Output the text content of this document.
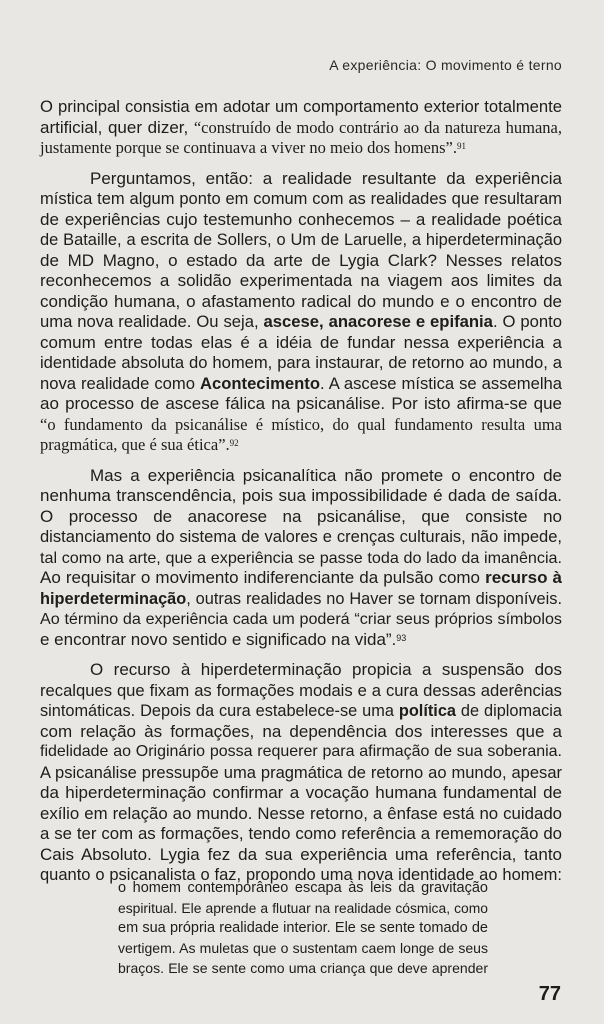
A experiência: O movimento é terno
O principal consistia em adotar um comportamento exterior totalmente
artificial, quer dizer, “construído de modo contrário ao da natureza humana,
justamente porque se continuava a viver no meio dos homens”.$^{91}$
Perguntamos, então: a realidade resultante da experiência
mística tem algum ponto em comum com as realidades que resultaram
de experiências cujo testemunho conhecemos – a realidade poética
de Bataille, a escrita de Sollers, o Um de Laruelle, a hiperdeterminação
de MD Magno, o estado da arte de Lygia Clark? Nesses relatos
reconhecemos a solidão experimentada na viagem aos limites da
condição humana, o afastamento radical do mundo e o encontro de
uma nova realidade. Ou seja, ascese, anacorese e epifania. O ponto
comum entre todas elas é a idéia de fundar nessa experiência a
identidade absoluta do homem, para instaurar, de retorno ao mundo, a
nova realidade como Acontecimento. A ascese mística se assemelha
ao processo de ascese fálica na psicanálise. Por isto afirma-se que
“o fundamento da psicanálise é místico, do qual fundamento resulta uma
pragmática, que é sua ética”.$^{92}$
Mas a experiência psicanalítica não promete o encontro de
nenhuma transcendência, pois sua impossibilidade é dada de saída.
O processo de anacorese na psicanálise, que consiste no
distanciamento do sistema de valores e crenças culturais, não impede,
tal como na arte, que a experiência se passe toda do lado da imanência.
Ao requisitar o movimento indiferenciante da pulsão como recurso à
hiperdeterminação, outras realidades no Haver se tornam disponíveis.
Ao término da experiência cada um poderá “criar seus próprios símbolos
e encontrar novo sentido e significado na vida”.$^{93}$
O recurso à hiperdeterminação propicia a suspensão dos
recalques que fixam as formações modais e a cura dessas aderências
sintomáticas. Depois da cura estabelece-se uma política de diplomacia
com relação às formações, na dependência dos interesses que a
fidelidade ao Originário possa requerer para afirmação de sua soberania.
A psicanálise pressupõe uma pragmática de retorno ao mundo, apesar
da hiperdeterminação confirmar a vocação humana fundamental de
exílio em relação ao mundo. Nesse retorno, a ênfase está no cuidado
a se ter com as formações, tendo como referência a rememoração do
Cais Absoluto. Lygia fez da sua experiência uma referência, tanto
quanto o psicanalista o faz, propondo uma nova identidade ao homem:
o homem contemporâneo escapa às leis da gravitação
espiritual. Ele aprende a flutuar na realidade cósmica, como
em sua própria realidade interior. Ele se sente tomado de
vertigem. As muletas que o sustentam caem longe de seus
braços. Ele se sente como uma criança que deve aprender
77
